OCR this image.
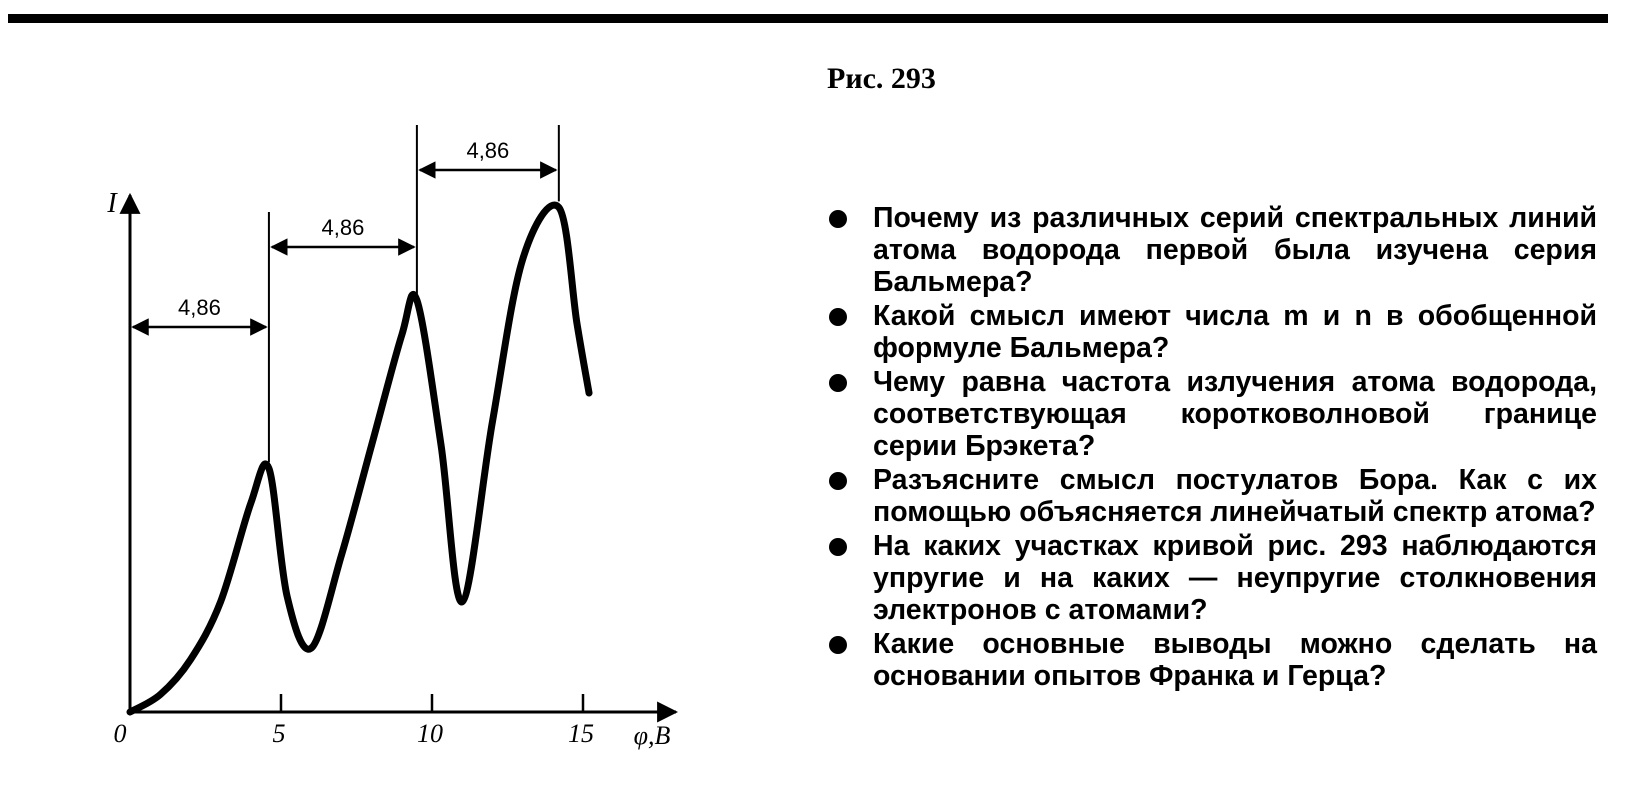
0	5	10	15
I
φ,В
4,86
4,86
4,86
Рис. 293
Почему из различных серий спектральных линий атома водорода первой была изучена серия Бальмера?
Какой смысл имеют числа m и n в обобщенной формуле Бальмера?
Чему равна частота излучения атома водорода, соответствующая коротковолновой границе серии Брэкета?
Разъясните смысл постулатов Бора. Как с их помощью объясняется линейчатый спектр атома?
На каких участках кривой рис. 293 наблюдаются упругие и на каких — неупругие столкновения электронов с атомами?
Какие основные выводы можно сделать на основании опытов Франка и Герца?
